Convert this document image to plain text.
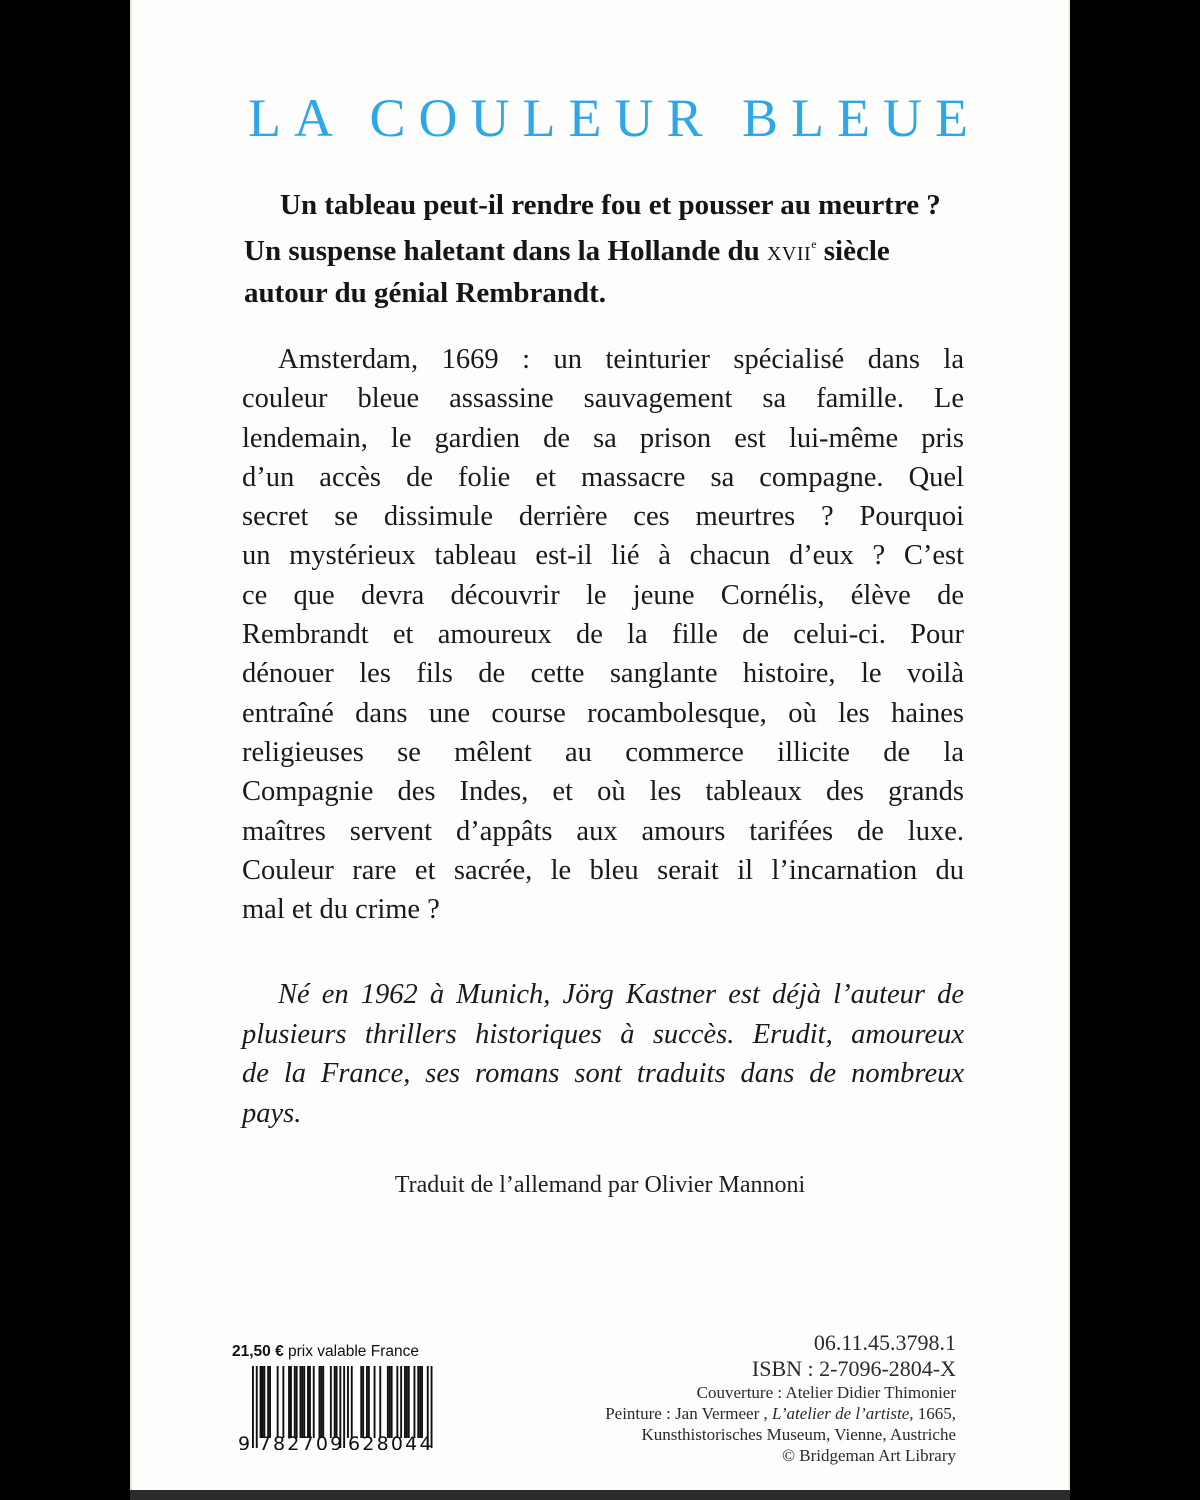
LA COULEUR BLEUE
Un tableau peut-il rendre fou et pousser au meurtre ?
Un suspense haletant dans la Hollande du XVIIe siècle
autour du génial Rembrandt.
Amsterdam, 1669 : un teinturier spécialisé dans la
couleur bleue assassine sauvagement sa famille. Le
lendemain, le gardien de sa prison est lui-même pris
d’un accès de folie et massacre sa compagne. Quel
secret se dissimule derrière ces meurtres ? Pourquoi
un mystérieux tableau est-il lié à chacun d’eux ? C’est
ce que devra découvrir le jeune Cornélis, élève de
Rembrandt et amoureux de la fille de celui-ci. Pour
dénouer les fils de cette sanglante histoire, le voilà
entraîné dans une course rocambolesque, où les haines
religieuses se mêlent au commerce illicite de la
Compagnie des Indes, et où les tableaux des grands
maîtres servent d’appâts aux amours tarifées de luxe.
Couleur rare et sacrée, le bleu serait il l’incarnation du
mal et du crime ?
Né en 1962 à Munich, Jörg Kastner est déjà l’auteur de
plusieurs thrillers historiques à succès. Erudit, amoureux
de la France, ses romans sont traduits dans de nombreux
pays.
Traduit de l’allemand par Olivier Mannoni
21,50 € prix valable France
9 782709 628044
06.11.45.3798.1
ISBN : 2-7096-2804-X
Couverture : Atelier Didier Thimonier
Peinture : Jan Vermeer , L’atelier de l’artiste, 1665,
Kunsthistorisches Museum, Vienne, Austriche
© Bridgeman Art Library
